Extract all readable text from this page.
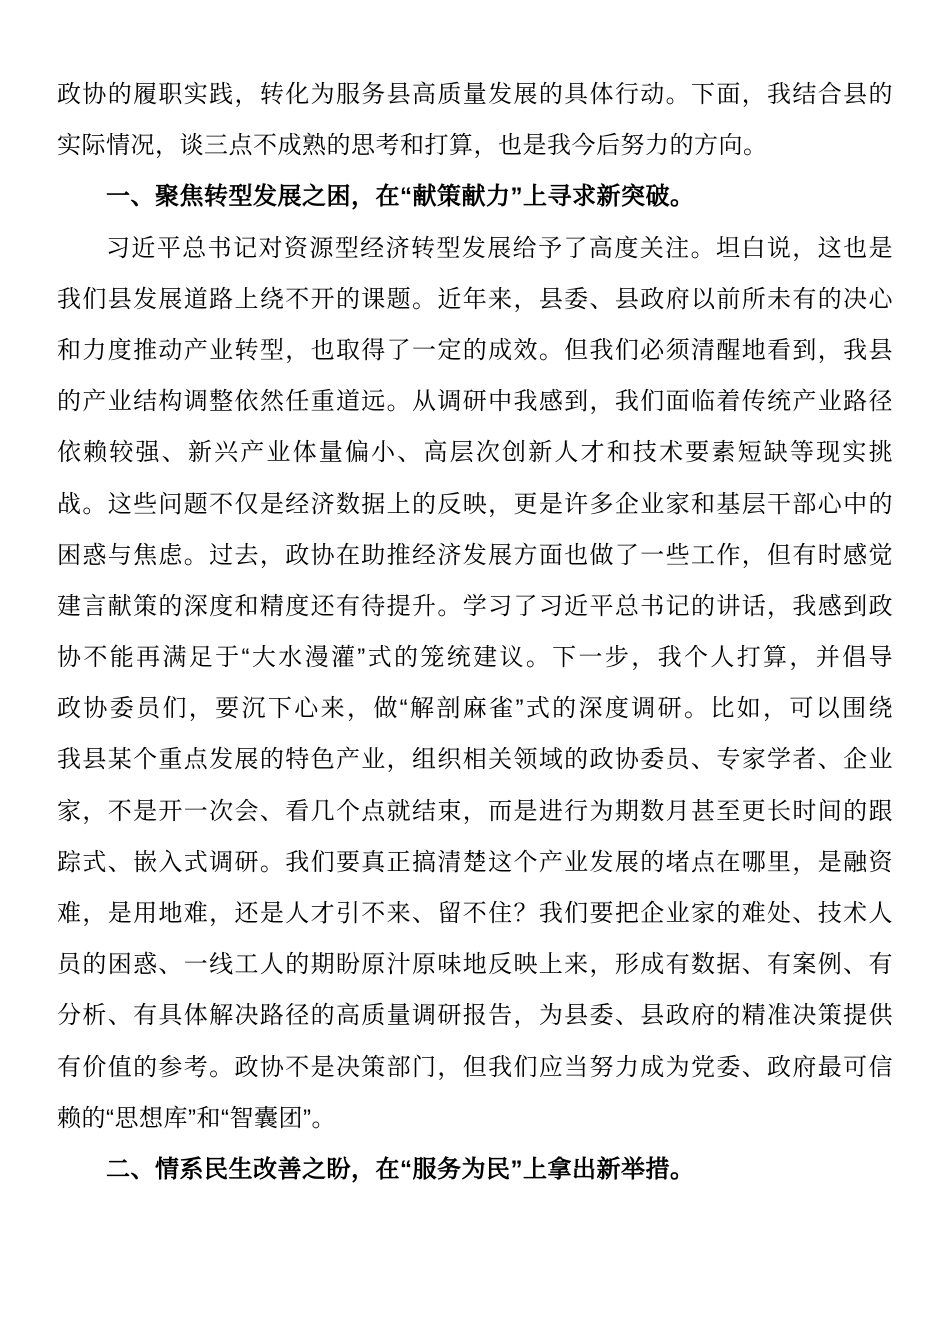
政协的履职实践，转化为服务县高质量发展的具体行动。下面，我结合县的
实际情况，谈三点不成熟的思考和打算，也是我今后努力的方向。
一、聚焦转型发展之困，在“献策献力”上寻求新突破。
习近平总书记对资源型经济转型发展给予了高度关注。坦白说，这也是
我们县发展道路上绕不开的课题。近年来，县委、县政府以前所未有的决心
和力度推动产业转型，也取得了一定的成效。但我们必须清醒地看到，我县
的产业结构调整依然任重道远。从调研中我感到，我们面临着传统产业路径
依赖较强、新兴产业体量偏小、高层次创新人才和技术要素短缺等现实挑
战。这些问题不仅是经济数据上的反映，更是许多企业家和基层干部心中的
困惑与焦虑。过去，政协在助推经济发展方面也做了一些工作，但有时感觉
建言献策的深度和精度还有待提升。学习了习近平总书记的讲话，我感到政
协不能再满足于“大水漫灌”式的笼统建议。下一步，我个人打算，并倡导
政协委员们，要沉下心来，做“解剖麻雀”式的深度调研。比如，可以围绕
我县某个重点发展的特色产业，组织相关领域的政协委员、专家学者、企业
家，不是开一次会、看几个点就结束，而是进行为期数月甚至更长时间的跟
踪式、嵌入式调研。我们要真正搞清楚这个产业发展的堵点在哪里，是融资
难，是用地难，还是人才引不来、留不住？我们要把企业家的难处、技术人
员的困惑、一线工人的期盼原汁原味地反映上来，形成有数据、有案例、有
分析、有具体解决路径的高质量调研报告，为县委、县政府的精准决策提供
有价值的参考。政协不是决策部门，但我们应当努力成为党委、政府最可信
赖的“思想库”和“智囊团”。
二、情系民生改善之盼，在“服务为民”上拿出新举措。
